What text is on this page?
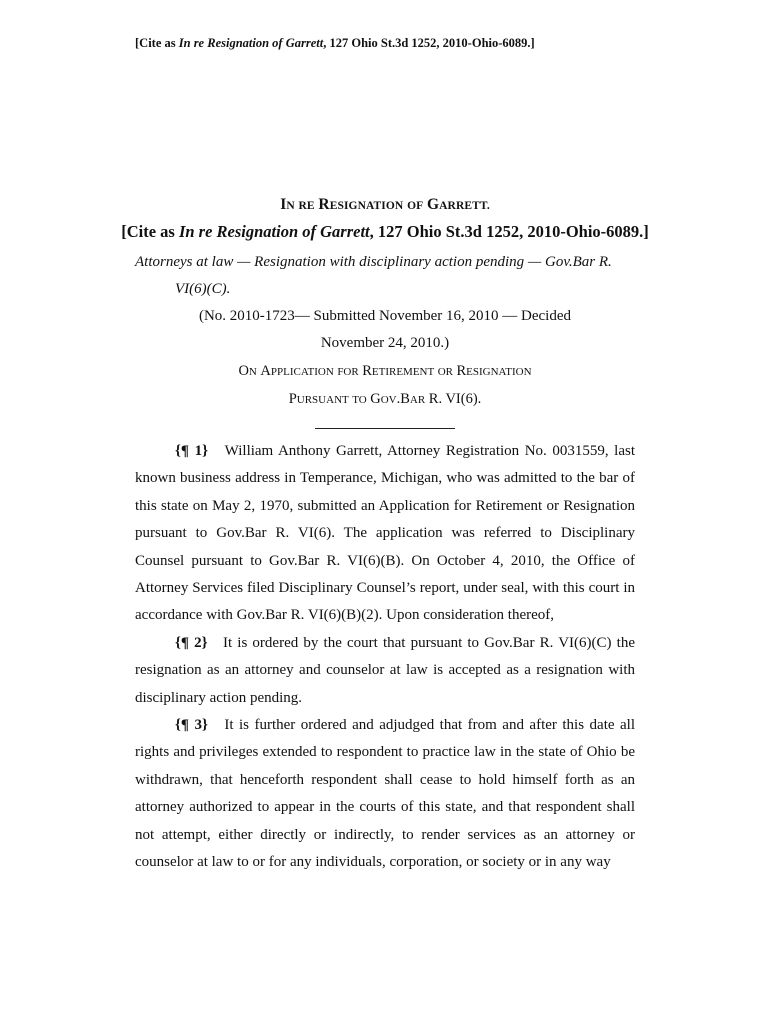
[Cite as In re Resignation of Garrett, 127 Ohio St.3d 1252, 2010-Ohio-6089.]
IN RE RESIGNATION OF GARRETT.
[Cite as In re Resignation of Garrett, 127 Ohio St.3d 1252, 2010-Ohio-6089.]
Attorneys at law — Resignation with disciplinary action pending — Gov.Bar R.
VI(6)(C).
(No. 2010-1723— Submitted November 16, 2010 — Decided
November 24, 2010.)
ON APPLICATION FOR RETIREMENT OR RESIGNATION
PURSUANT TO GOV.BAR R. VI(6).

{¶ 1} William Anthony Garrett, Attorney Registration No. 0031559, last known business address in Temperance, Michigan, who was admitted to the bar of this state on May 2, 1970, submitted an Application for Retirement or Resignation pursuant to Gov.Bar R. VI(6). The application was referred to Disciplinary Counsel pursuant to Gov.Bar R. VI(6)(B). On October 4, 2010, the Office of Attorney Services filed Disciplinary Counsel’s report, under seal, with this court in accordance with Gov.Bar R. VI(6)(B)(2). Upon consideration thereof,

{¶ 2} It is ordered by the court that pursuant to Gov.Bar R. VI(6)(C) the resignation as an attorney and counselor at law is accepted as a resignation with disciplinary action pending.

{¶ 3} It is further ordered and adjudged that from and after this date all rights and privileges extended to respondent to practice law in the state of Ohio be withdrawn, that henceforth respondent shall cease to hold himself forth as an attorney authorized to appear in the courts of this state, and that respondent shall not attempt, either directly or indirectly, to render services as an attorney or counselor at law to or for any individuals, corporation, or society or in any way
